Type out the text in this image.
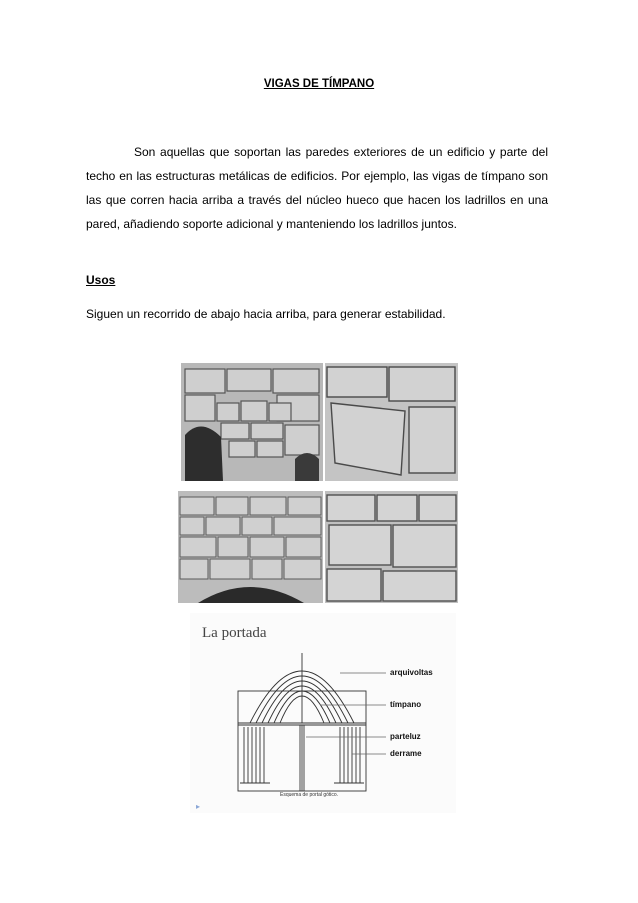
VIGAS DE TÍMPANO
Son aquellas que soportan las paredes exteriores de un edificio y parte del techo en las estructuras metálicas de edificios. Por ejemplo, las vigas de tímpano son las que corren hacia arriba a través del núcleo hueco que hacen los ladrillos en una pared, añadiendo soporte adicional y manteniendo los ladrillos juntos.
Usos
Siguen un recorrido de abajo hacia arriba, para generar estabilidad.
La portada
arquivoltas
tímpano
parteluz
derrame
Esquema de portal gótico.
▸
